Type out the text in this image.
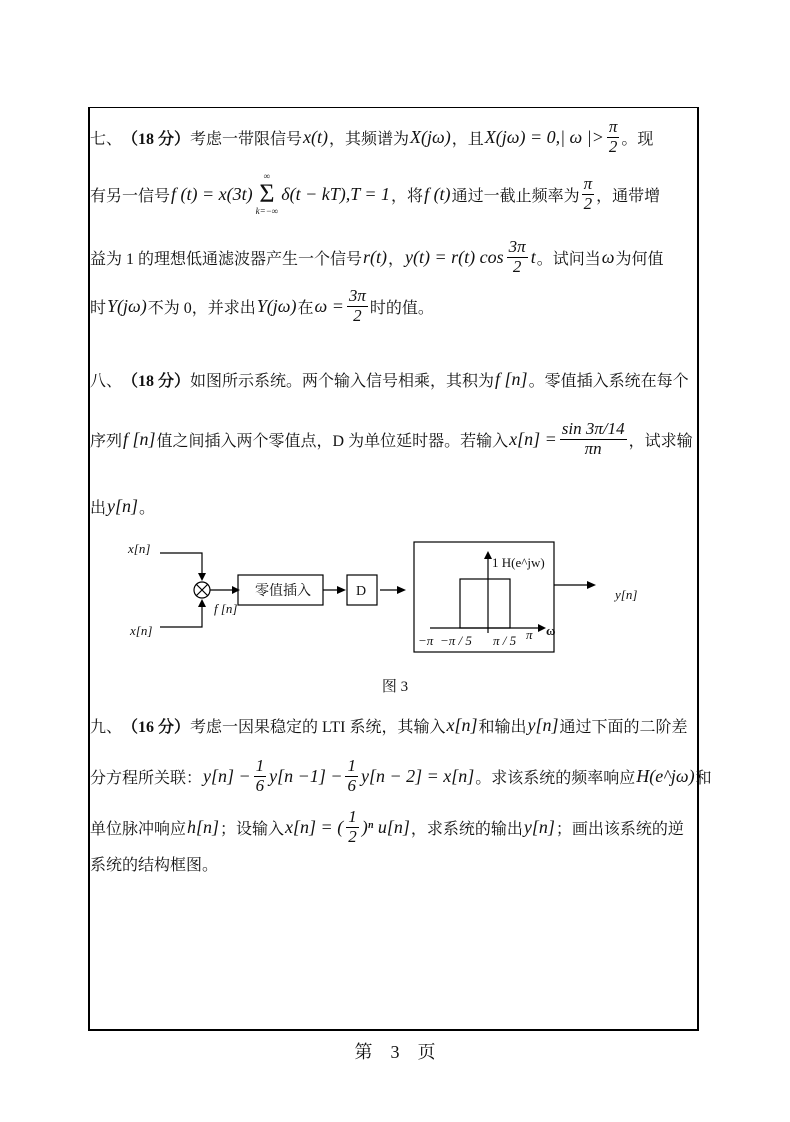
七、 （18 分） 考虑一带限信号 x(t) ，其频谱为 X(jω) ，且 X(jω) = 0,| ω |> $\frac{\pi}{2}$ 。现
有另一信号 f (t) = x(3t)
∞
Σ
k=−∞
δ(t − kT),T = 1 ，将 f (t) 通过一截止频率为 $\frac{\pi}{2}$ ，通带增
益为 1 的理想低通滤波器产生一个信号 r(t) ， y(t) = r(t) $\cos \frac{3\pi}{2}$ t 。试问当 ω 为何值
时 Y(jω) 不为 0，并求出 Y(jω) 在 $\omega = \frac{3\pi}{2}$ 时的值。
八、 （18 分） 如图所示系统。两个输入信号相乘，其积为 f [n] 。零值插入系统在每个
序列 f [n] 值之间插入两个零值点，D 为单位延时器。若输入 $x[n] = \frac{\sin 3\pi/14}{\pi n}$ ，试求输
出 y[n] 。
九、 （16 分） 考虑一因果稳定的 LTI 系统，其输入 x[n] 和输出 y[n] 通过下面的二阶差
分方程所关联： $y[n] - \frac{1}{6} y[n -1] - \frac{1}{6} y[n - 2] = x[n]$ 。求该系统的频率响应 H(e^jω) 和
单位脉冲响应 h[n] ；设输入 x[n] = ( $\frac{1}{2} )^n$ u[n] ，求系统的输出 y[n] ；画出该系统的逆
系统的结构框图。
x[n]
x[n]
f [n]
零值插入	D
1 H(e^jw)
ω
−π −π / 5 π / 5 π
y[n]
图 3
第　3　页
